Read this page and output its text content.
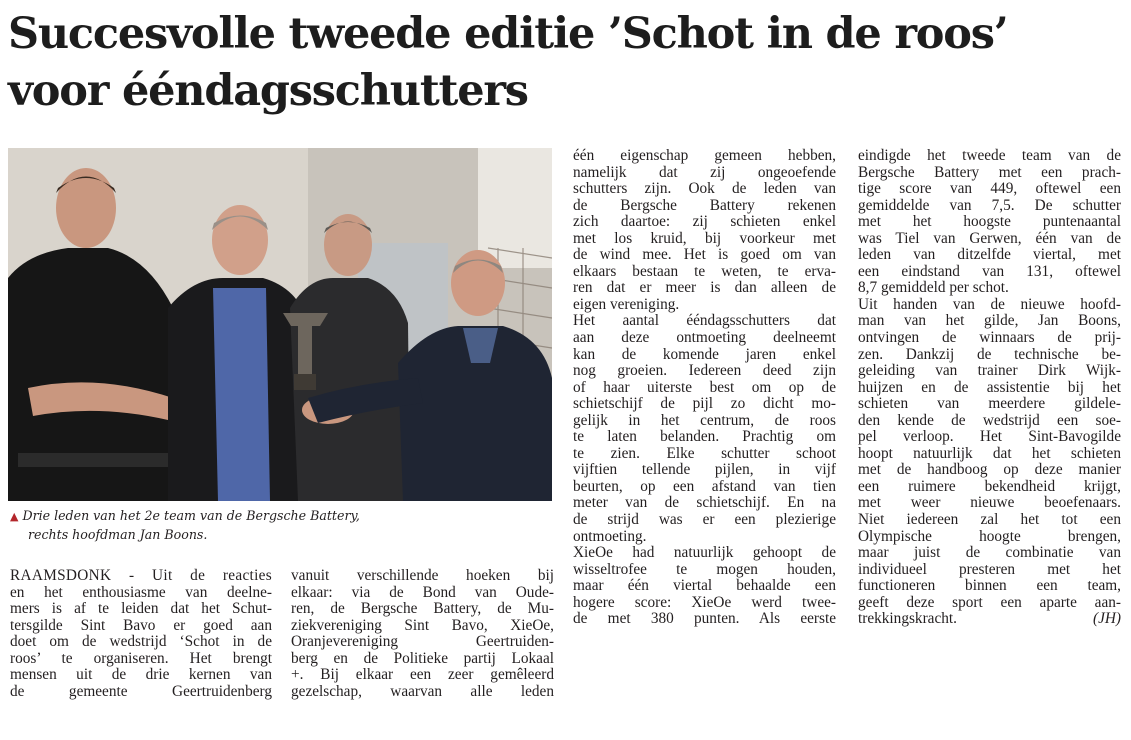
Succesvolle tweede editie ’Schot in de roos’
voor ééndagsschutters
▲ Drie leden van het 2e team van de Bergsche Battery,
rechts hoofdman Jan Boons.
RAAMSDONK - Uit de reacties
en het enthousiasme van deelne-
mers is af te leiden dat het Schut-
tersgilde Sint Bavo er goed aan
doet om de wedstrijd ‘Schot in de
roos’ te organiseren. Het brengt
mensen uit de drie kernen van
de gemeente Geertruidenberg
vanuit verschillende hoeken bij
elkaar: via de Bond van Oude-
ren, de Bergsche Battery, de Mu-
ziekvereniging Sint Bavo, XieOe,
Oranjevereniging Geertruiden-
berg en de Politieke partij Lokaal
+. Bij elkaar een zeer gemêleerd
gezelschap, waarvan alle leden
één eigenschap gemeen hebben,
namelijk dat zij ongeoefende
schutters zijn. Ook de leden van
de Bergsche Battery rekenen
zich daartoe: zij schieten enkel
met los kruid, bij voorkeur met
de wind mee. Het is goed om van
elkaars bestaan te weten, te erva-
ren dat er meer is dan alleen de
eigen vereniging.
Het aantal ééndagsschutters dat
aan deze ontmoeting deelneemt
kan de komende jaren enkel
nog groeien. Iedereen deed zijn
of haar uiterste best om op de
schietschijf de pijl zo dicht mo-
gelijk in het centrum, de roos
te laten belanden. Prachtig om
te zien. Elke schutter schoot
vijftien tellende pijlen, in vijf
beurten, op een afstand van tien
meter van de schietschijf. En na
de strijd was er een plezierige
ontmoeting.
XieOe had natuurlijk gehoopt de
wisseltrofee te mogen houden,
maar één viertal behaalde een
hogere score: XieOe werd twee-
de met 380 punten. Als eerste
eindigde het tweede team van de
Bergsche Battery met een prach-
tige score van 449, oftewel een
gemiddelde van 7,5. De schutter
met het hoogste puntenaantal
was Tiel van Gerwen, één van de
leden van ditzelfde viertal, met
een eindstand van 131, oftewel
8,7 gemiddeld per schot.
Uit handen van de nieuwe hoofd-
man van het gilde, Jan Boons,
ontvingen de winnaars de prij-
zen. Dankzij de technische be-
geleiding van trainer Dirk Wijk-
huijzen en de assistentie bij het
schieten van meerdere gildele-
den kende de wedstrijd een soe-
pel verloop. Het Sint-Bavogilde
hoopt natuurlijk dat het schieten
met de handboog op deze manier
een ruimere bekendheid krijgt,
met weer nieuwe beoefenaars.
Niet iedereen zal het tot een
Olympische hoogte brengen,
maar juist de combinatie van
individueel presteren met het
functioneren binnen een team,
geeft deze sport een aparte aan-
trekkingskracht.	(JH)
